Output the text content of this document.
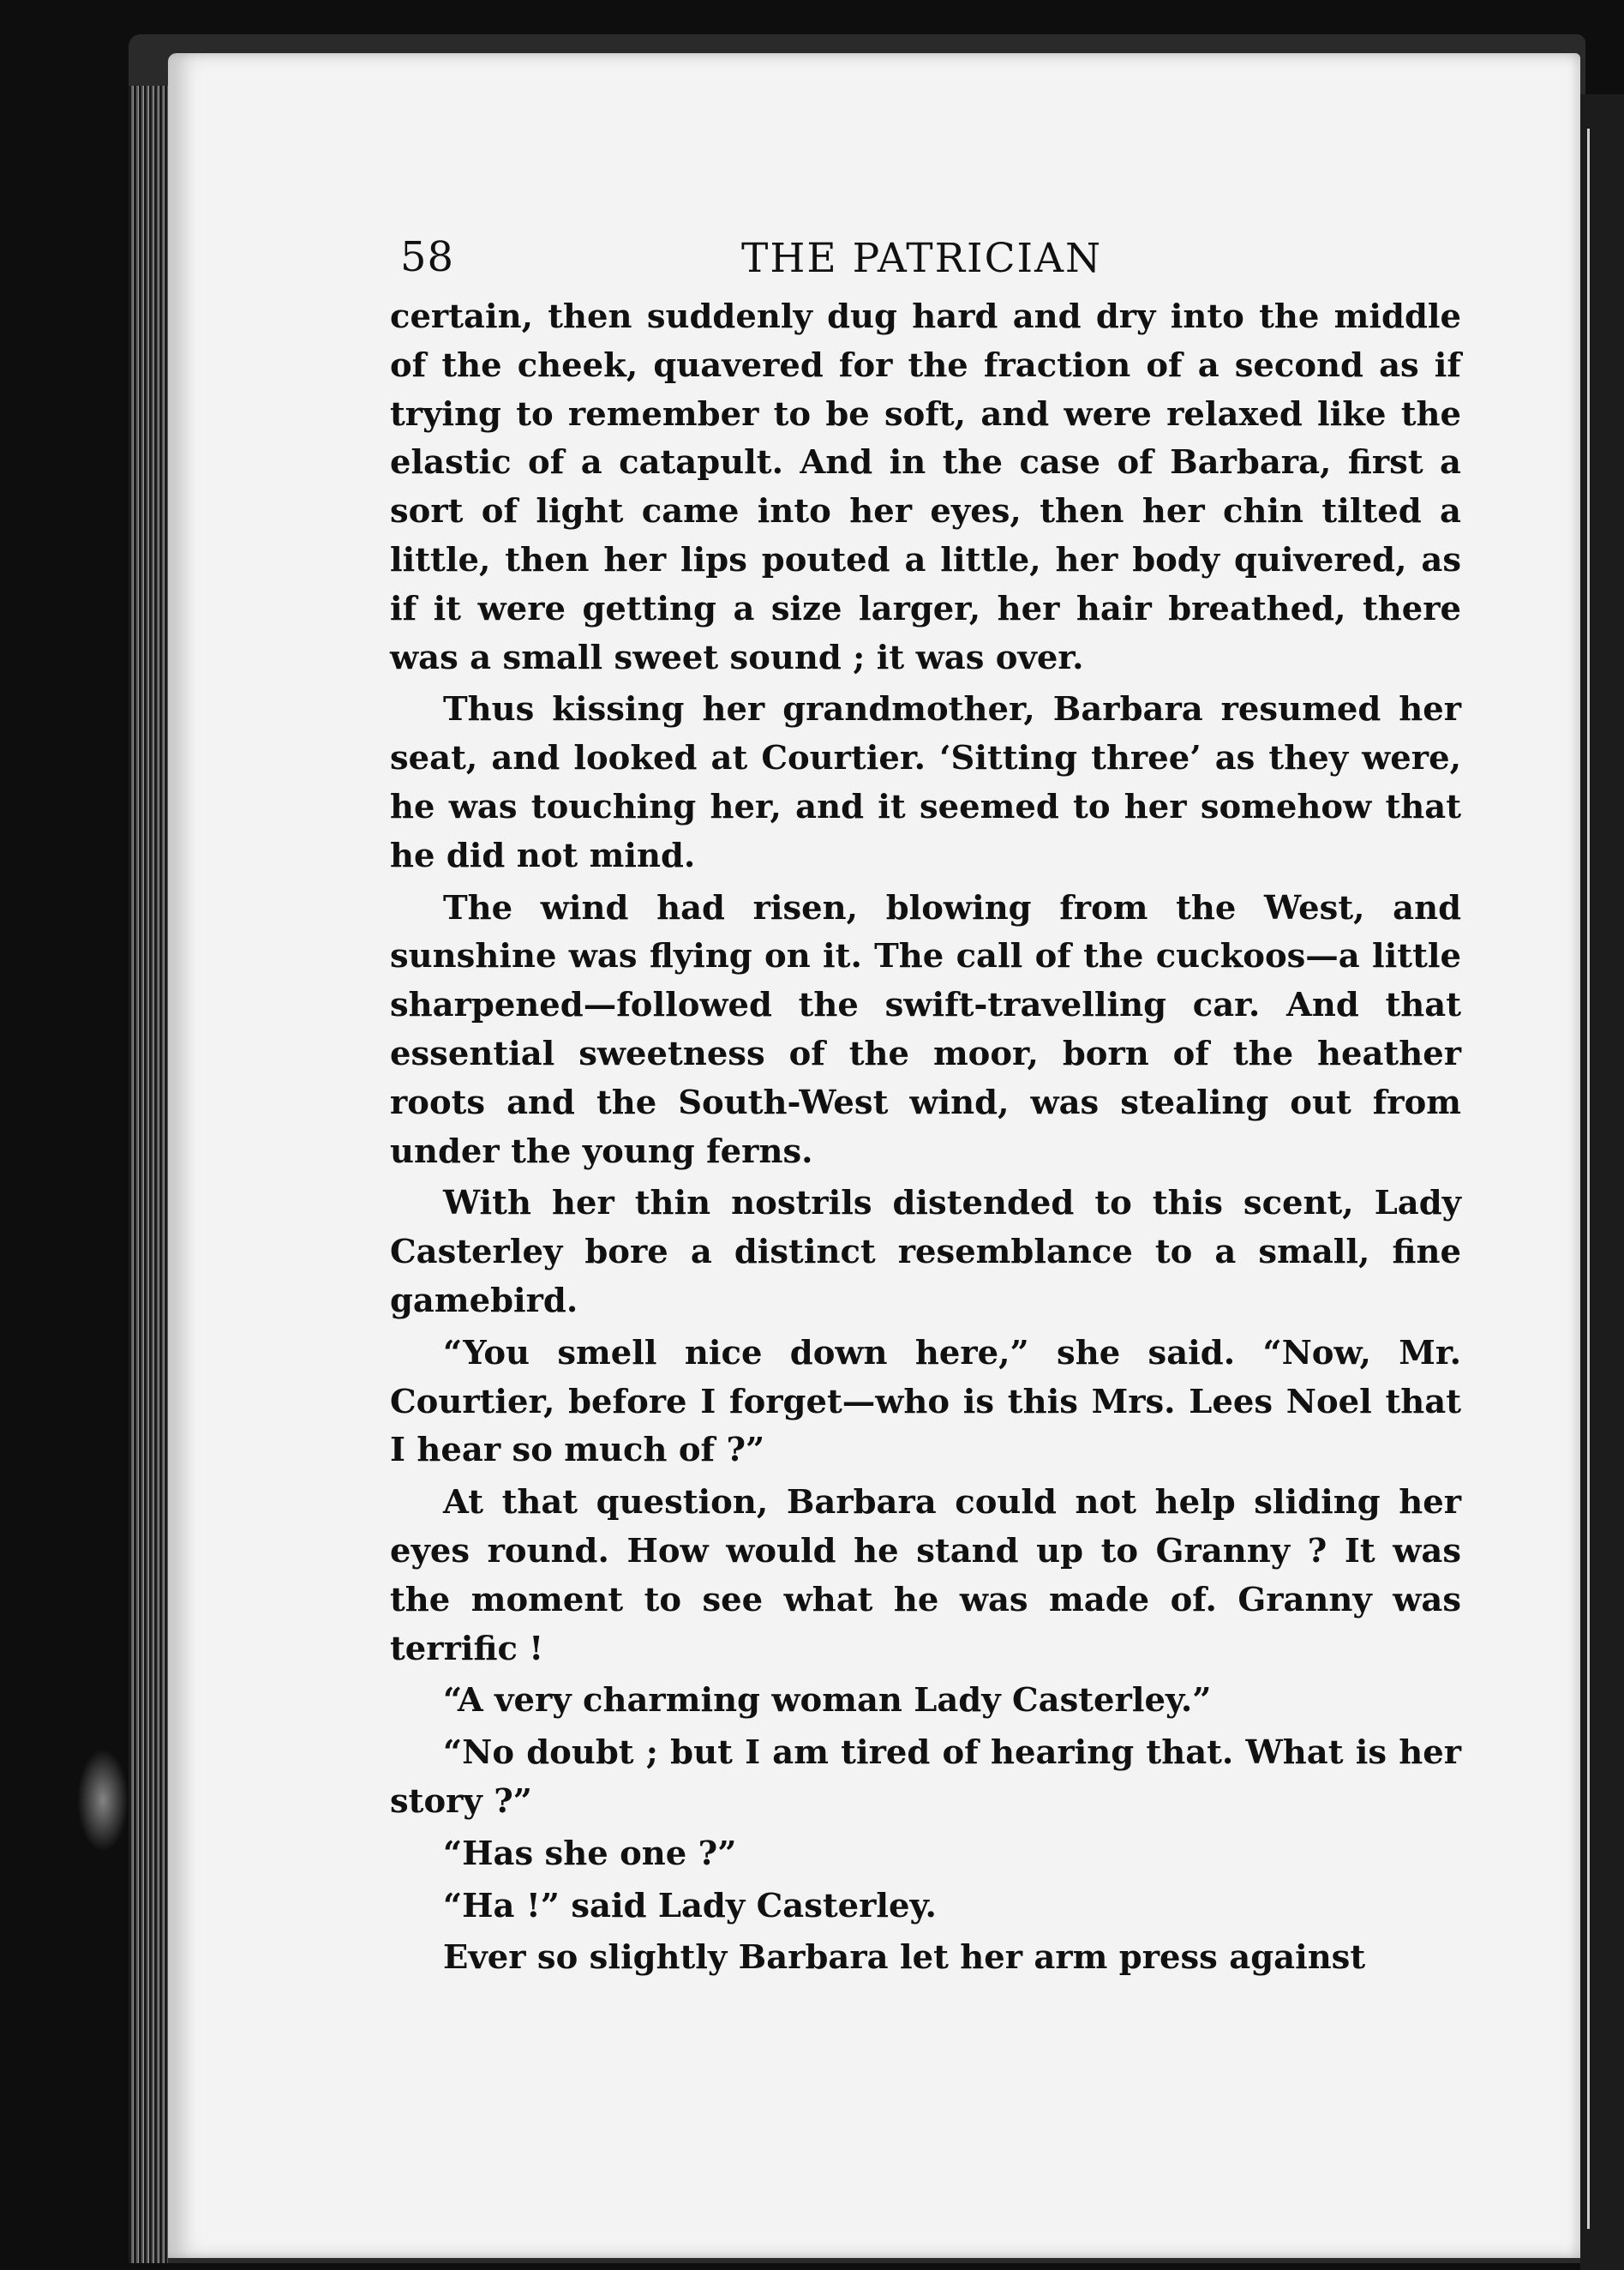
58	THE PATRICIAN

certain, then suddenly dug hard and dry into the middle of the cheek, quavered for the fraction of a second as if trying to remember to be soft, and were relaxed like the elastic of a catapult. And in the case of Barbara, first a sort of light came into her eyes, then her chin tilted a little, then her lips pouted a little, her body quivered, as if it were getting a size larger, her hair breathed, there was a small sweet sound ; it was over.

Thus kissing her grandmother, Barbara resumed her seat, and looked at Courtier. ‘Sitting three’ as they were, he was touching her, and it seemed to her somehow that he did not mind.

The wind had risen, blowing from the West, and sunshine was flying on it. The call of the cuckoos—a little sharpened—followed the swift-travelling car. And that essential sweetness of the moor, born of the heather roots and the South-West wind, was stealing out from under the young ferns.

With her thin nostrils distended to this scent, Lady Casterley bore a distinct resemblance to a small, fine gamebird.

“You smell nice down here,” she said. “Now, Mr. Courtier, before I forget—who is this Mrs. Lees Noel that I hear so much of ?”

At that question, Barbara could not help sliding her eyes round. How would he stand up to Granny ? It was the moment to see what he was made of. Granny was terrific !

“A very charming woman Lady Casterley.”

“No doubt ; but I am tired of hearing that. What is her story ?”

“Has she one ?”

“Ha !” said Lady Casterley.

Ever so slightly Barbara let her arm press against
